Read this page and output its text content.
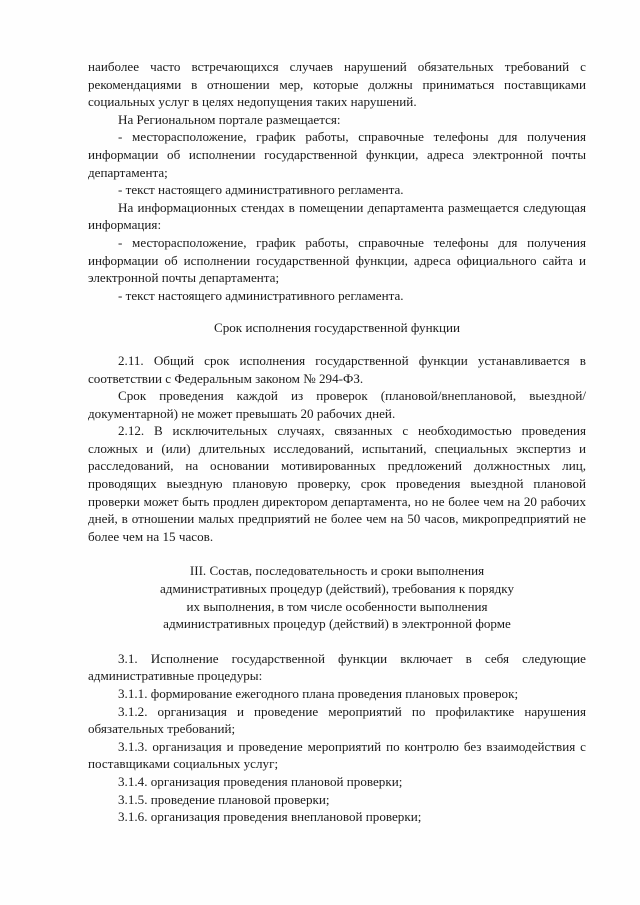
наиболее часто встречающихся случаев нарушений обязательных требований с рекомендациями в отношении мер, которые должны приниматься поставщиками социальных услуг в целях недопущения таких нарушений.

На Региональном портале размещается:

- месторасположение, график работы, справочные телефоны для получения информации об исполнении государственной функции, адреса электронной почты департамента;

- текст настоящего административного регламента.

На информационных стендах в помещении департамента размещается следующая информация:

- месторасположение, график работы, справочные телефоны для получения информации об исполнении государственной функции, адреса официального сайта и электронной почты департамента;

- текст настоящего административного регламента.

Срок исполнения государственной функции

2.11. Общий срок исполнения государственной функции устанавливается в соответствии с Федеральным законом № 294-ФЗ.

Срок проведения каждой из проверок (плановой/внеплановой, выездной/документарной) не может превышать 20 рабочих дней.

2.12. В исключительных случаях, связанных с необходимостью проведения сложных и (или) длительных исследований, испытаний, специальных экспертиз и расследований, на основании мотивированных предложений должностных лиц, проводящих выездную плановую проверку, срок проведения выездной плановой проверки может быть продлен директором департамента, но не более чем на 20 рабочих дней, в отношении малых предприятий не более чем на 50 часов, микропредприятий не более чем на 15 часов.

III. Состав, последовательность и сроки выполнения

административных процедур (действий), требования к порядку

их выполнения, в том числе особенности выполнения

административных процедур (действий) в электронной форме

3.1. Исполнение государственной функции включает в себя следующие административные процедуры:

3.1.1. формирование ежегодного плана проведения плановых проверок;

3.1.2. организация и проведение мероприятий по профилактике нарушения обязательных требований;

3.1.3. организация и проведение мероприятий по контролю без взаимодействия с поставщиками социальных услуг;

3.1.4. организация проведения плановой проверки;

3.1.5. проведение плановой проверки;

3.1.6. организация проведения внеплановой проверки;
